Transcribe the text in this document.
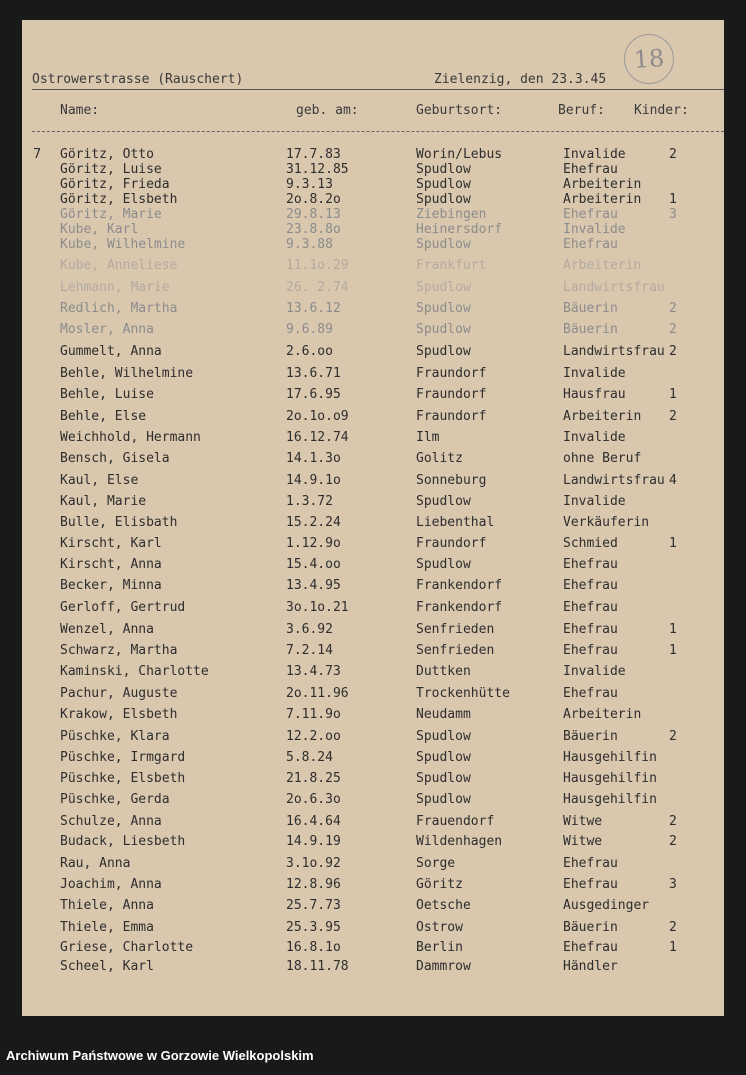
18
Ostrowerstrasse (Rauschert)	Zielenzig, den 23.3.45
Name:	geb. am:	Geburtsort:	Beruf: Kinder:
7 Göritz, Otto	17.7.83	Worin/Lebus	Invalide	2
Göritz, Luise	31.12.85	Spudlow	Ehefrau
Göritz, Frieda	9.3.13	Spudlow	Arbeiterin
Göritz, Elsbeth	2o.8.2o	Spudlow	Arbeiterin 1
Göritz, Marie	29.8.13	Ziebingen	Ehefrau	3
Kube, Karl	23.8.8o	Heinersdorf	Invalide
Kube, Wilhelmine	9.3.88	Spudlow	Ehefrau
Kube, Anneliese	11.1o.29	Frankfurt	Arbeiterin
Lehmann, Marie	26. 2.74	Spudlow	Landwirtsfrau
Redlich, Martha	13.6.12	Spudlow	Bäuerin	2
Mosler, Anna	9.6.89	Spudlow	Bäuerin	2
Gummelt, Anna	2.6.oo	Spudlow	Landwirtsfrau 2
Behle, Wilhelmine	13.6.71	Fraundorf	Invalide
Behle, Luise	17.6.95	Fraundorf	Hausfrau	1
Behle, Else	2o.1o.o9	Fraundorf	Arbeiterin 2
Weichhold, Hermann	16.12.74	Ilm	Invalide
Bensch, Gisela	14.1.3o	Golitz	ohne Beruf
Kaul, Else	14.9.1o	Sonneburg	Landwirtsfrau 4
Kaul, Marie	1.3.72	Spudlow	Invalide
Bulle, Elisbath	15.2.24	Liebenthal	Verkäuferin
Kirscht, Karl	1.12.9o	Fraundorf	Schmied	1
Kirscht, Anna	15.4.oo	Spudlow	Ehefrau
Becker, Minna	13.4.95	Frankendorf	Ehefrau
Gerloff, Gertrud	3o.1o.21	Frankendorf	Ehefrau
Wenzel, Anna	3.6.92	Senfrieden	Ehefrau	1
Schwarz, Martha	7.2.14	Senfrieden	Ehefrau	1
Kaminski, Charlotte	13.4.73	Duttken	Invalide
Pachur, Auguste	2o.11.96	Trockenhütte	Ehefrau
Krakow, Elsbeth	7.11.9o	Neudamm	Arbeiterin
Püschke, Klara	12.2.oo	Spudlow	Bäuerin	2
Püschke, Irmgard	5.8.24	Spudlow	Hausgehilfin
Püschke, Elsbeth	21.8.25	Spudlow	Hausgehilfin
Püschke, Gerda	2o.6.3o	Spudlow	Hausgehilfin
Schulze, Anna	16.4.64	Frauendorf	Witwe	2
Budack, Liesbeth	14.9.19	Wildenhagen	Witwe	2
Rau, Anna	3.1o.92	Sorge	Ehefrau
Joachim, Anna	12.8.96	Göritz	Ehefrau	3
Thiele, Anna	25.7.73	Oetsche	Ausgedinger
Thiele, Emma	25.3.95	Ostrow	Bäuerin	2
Griese, Charlotte	16.8.1o	Berlin	Ehefrau	1
Scheel, Karl	18.11.78	Dammrow	Händler
Archiwum Państwowe w Gorzowie Wielkopolskim
